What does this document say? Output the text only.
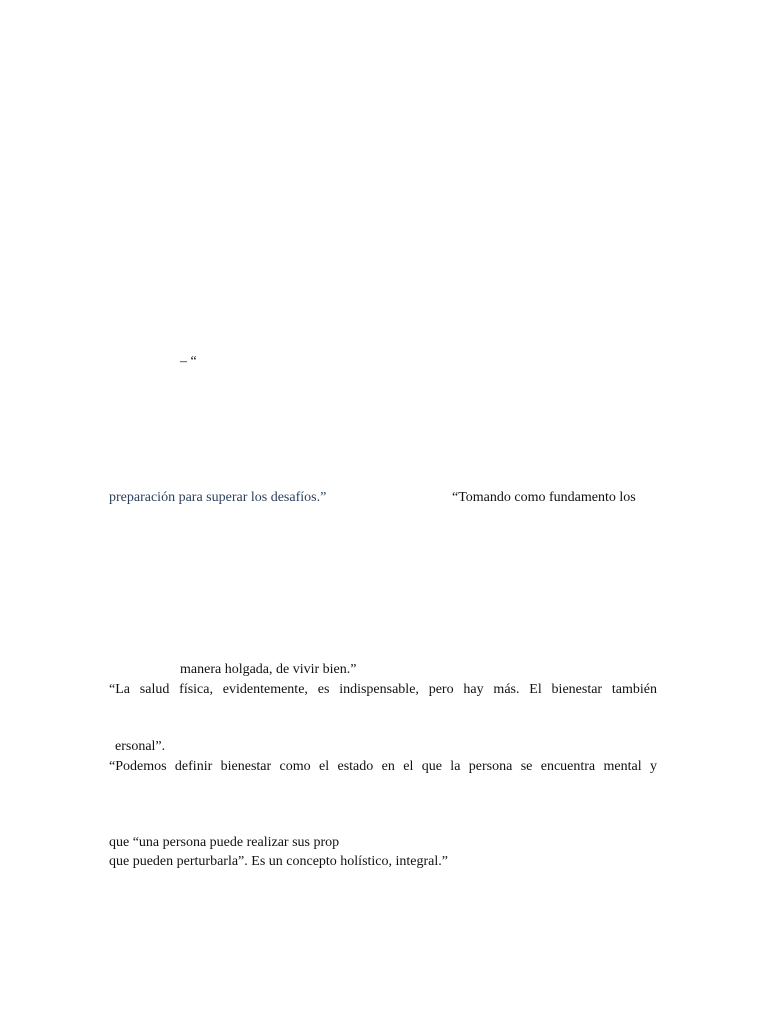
– “
preparación para superar los desafíos.”	“Tomando como fundamento los
manera holgada, de vivir bien.”
“La salud física, evidentemente, es indispensable, pero hay más. El bienestar también
ersonal”.
“Podemos definir bienestar como el estado en el que la persona se encuentra mental y
que “una persona puede realizar sus prop
que pueden perturbarla”. Es un concepto holístico, integral.”
